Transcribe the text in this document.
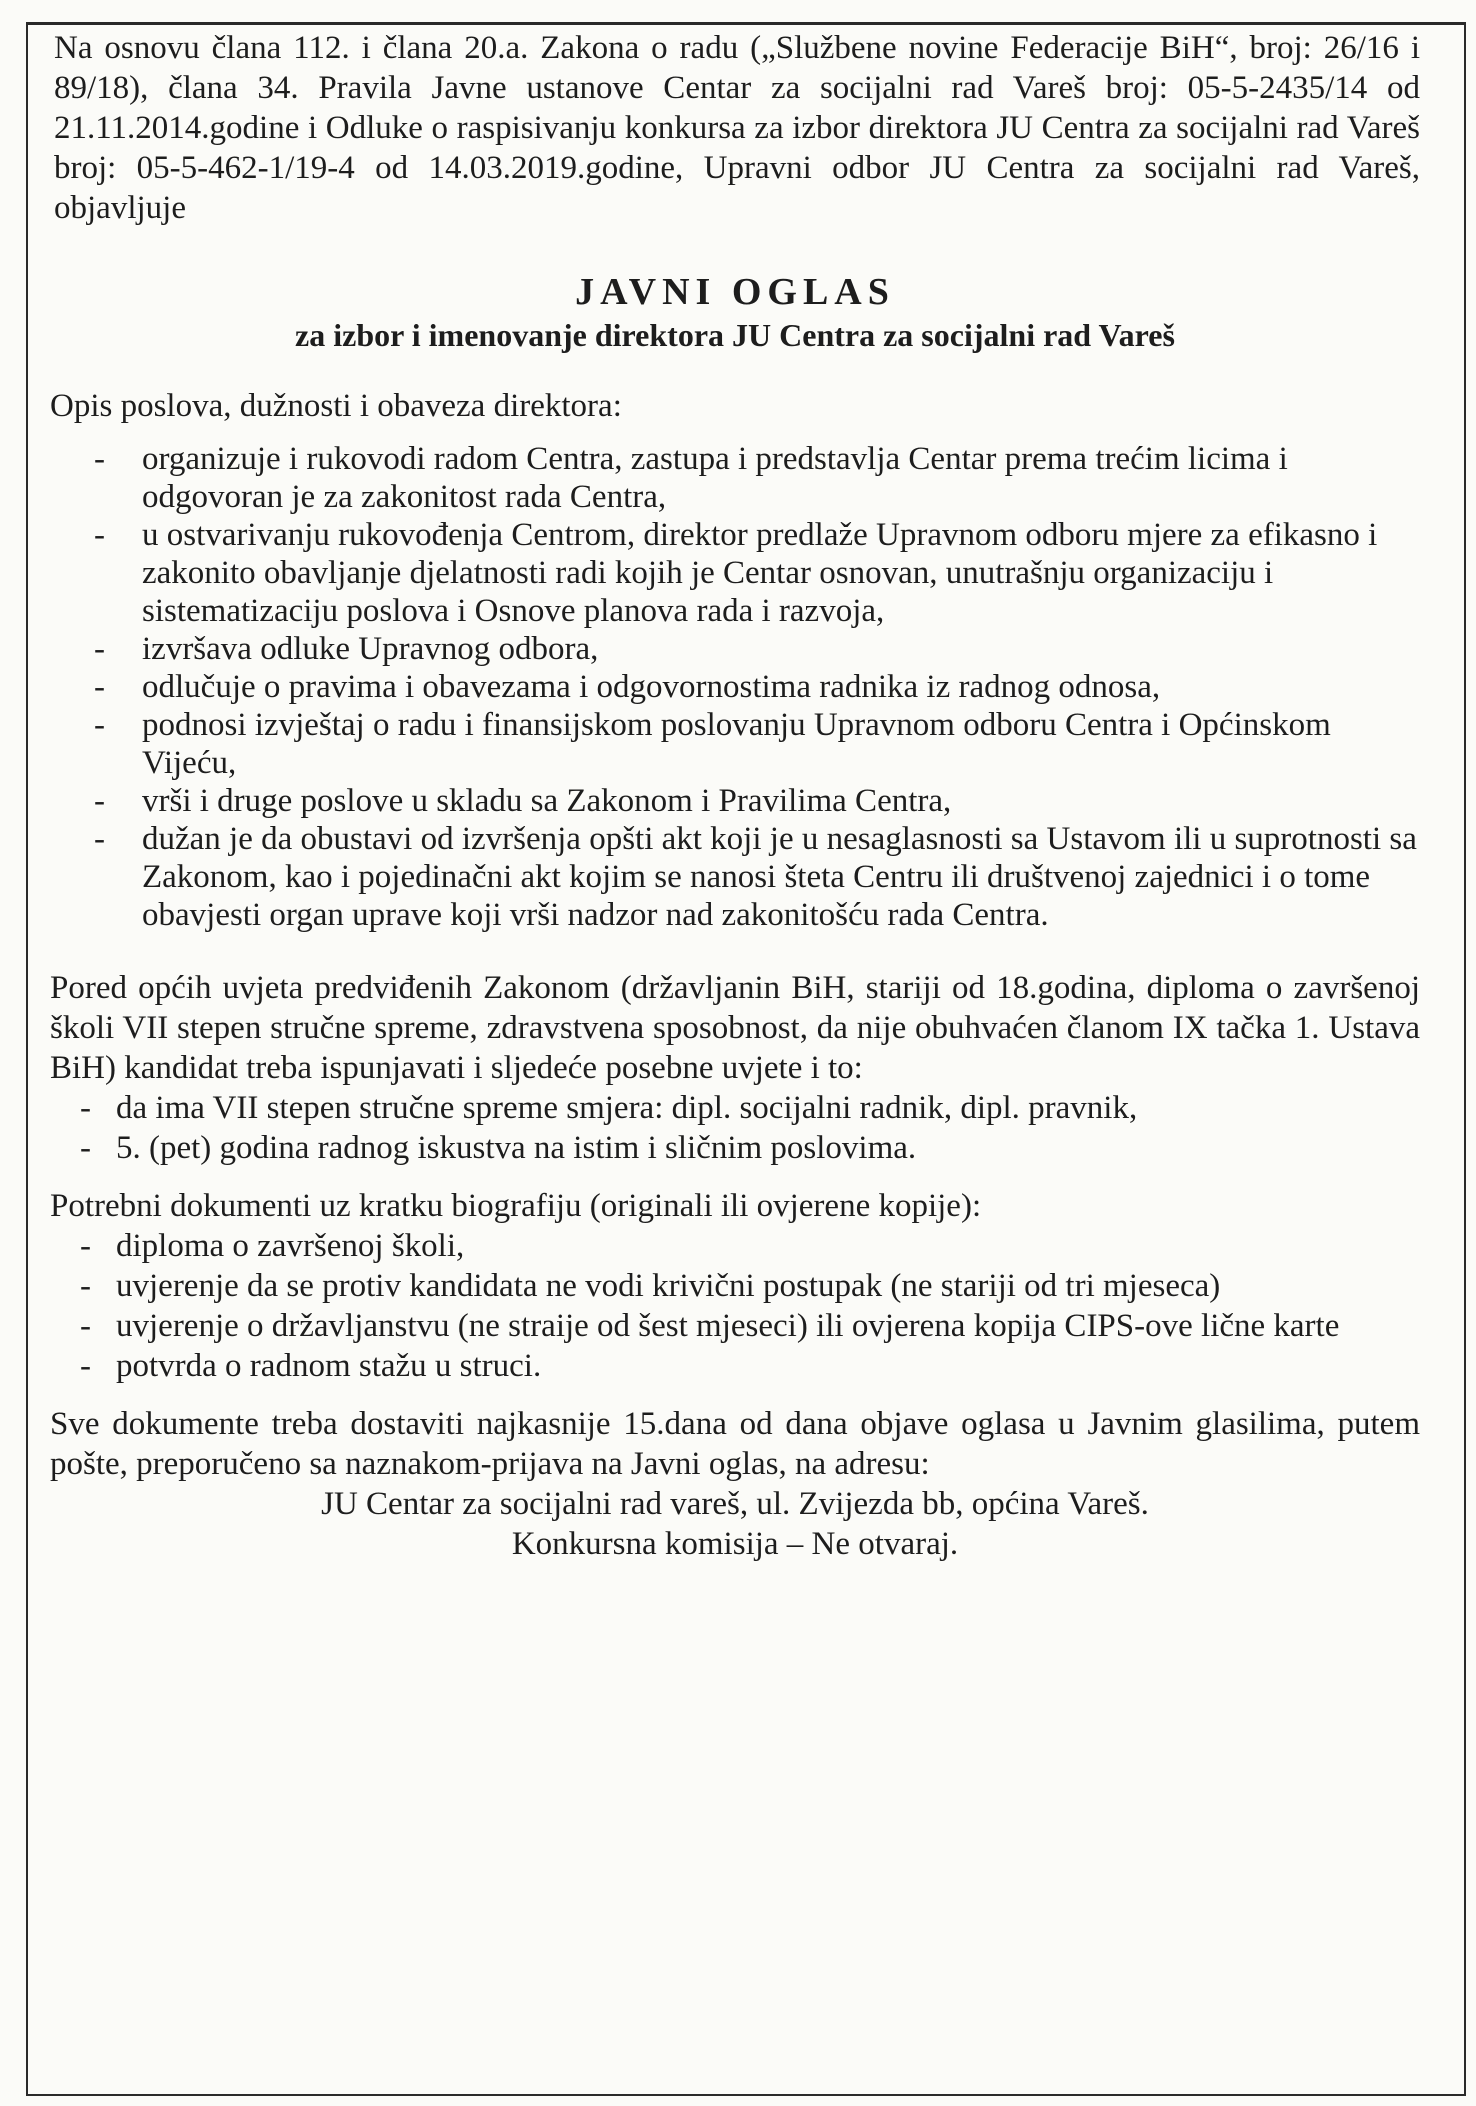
Na osnovu člana 112. i člana 20.a. Zakona o radu („Službene novine Federacije BiH“, broj: 26/16 i 89/18), člana 34. Pravila Javne ustanove Centar za socijalni rad Vareš broj: 05-5-2435/14 od 21.11.2014.godine i Odluke o raspisivanju konkursa za izbor direktora JU Centra za socijalni rad Vareš broj: 05-5-462-1/19-4 od 14.03.2019.godine, Upravni odbor JU Centra za socijalni rad Vareš, objavljuje

JAVNI OGLAS
za izbor i imenovanje direktora JU Centra za socijalni rad Vareš
Opis poslova, dužnosti i obaveza direktora:
- organizuje i rukovodi radom Centra, zastupa i predstavlja Centar prema trećim licima i odgovoran je za zakonitost rada Centra,
- u ostvarivanju rukovođenja Centrom, direktor predlaže Upravnom odboru mjere za efikasno i zakonito obavljanje djelatnosti radi kojih je Centar osnovan, unutrašnju organizaciju i sistematizaciju poslova i Osnove planova rada i razvoja,
- izvršava odluke Upravnog odbora,
- odlučuje o pravima i obavezama i odgovornostima radnika iz radnog odnosa,
- podnosi izvještaj o radu i finansijskom poslovanju Upravnom odboru Centra i Općinskom Vijeću,
- vrši i druge poslove u skladu sa Zakonom i Pravilima Centra,
- dužan je da obustavi od izvršenja opšti akt koji je u nesaglasnosti sa Ustavom ili u suprotnosti sa Zakonom, kao i pojedinačni akt kojim se nanosi šteta Centru ili društvenoj zajednici i o tome obavjesti organ uprave koji vrši nadzor nad zakonitošću rada Centra.

Pored općih uvjeta predviđenih Zakonom (državljanin BiH, stariji od 18.godina, diploma o završenoj školi VII stepen stručne spreme, zdravstvena sposobnost, da nije obuhvaćen članom IX tačka 1. Ustava BiH) kandidat treba ispunjavati i sljedeće posebne uvjete i to:

- da ima VII stepen stručne spreme smjera: dipl. socijalni radnik, dipl. pravnik,
- 5. (pet) godina radnog iskustva na istim i sličnim poslovima.
Potrebni dokumenti uz kratku biografiju (originali ili ovjerene kopije):
- diploma o završenoj školi,
- uvjerenje da se protiv kandidata ne vodi krivični postupak (ne stariji od tri mjeseca)
- uvjerenje o državljanstvu (ne straije od šest mjeseci) ili ovjerena kopija CIPS-ove lične karte
- potvrda o radnom stažu u struci.

Sve dokumente treba dostaviti najkasnije 15.dana od dana objave oglasa u Javnim glasilima, putem pošte, preporučeno sa naznakom-prijava na Javni oglas, na adresu:

JU Centar za socijalni rad vareš, ul. Zvijezda bb, općina Vareš.
Konkursna komisija – Ne otvaraj.
